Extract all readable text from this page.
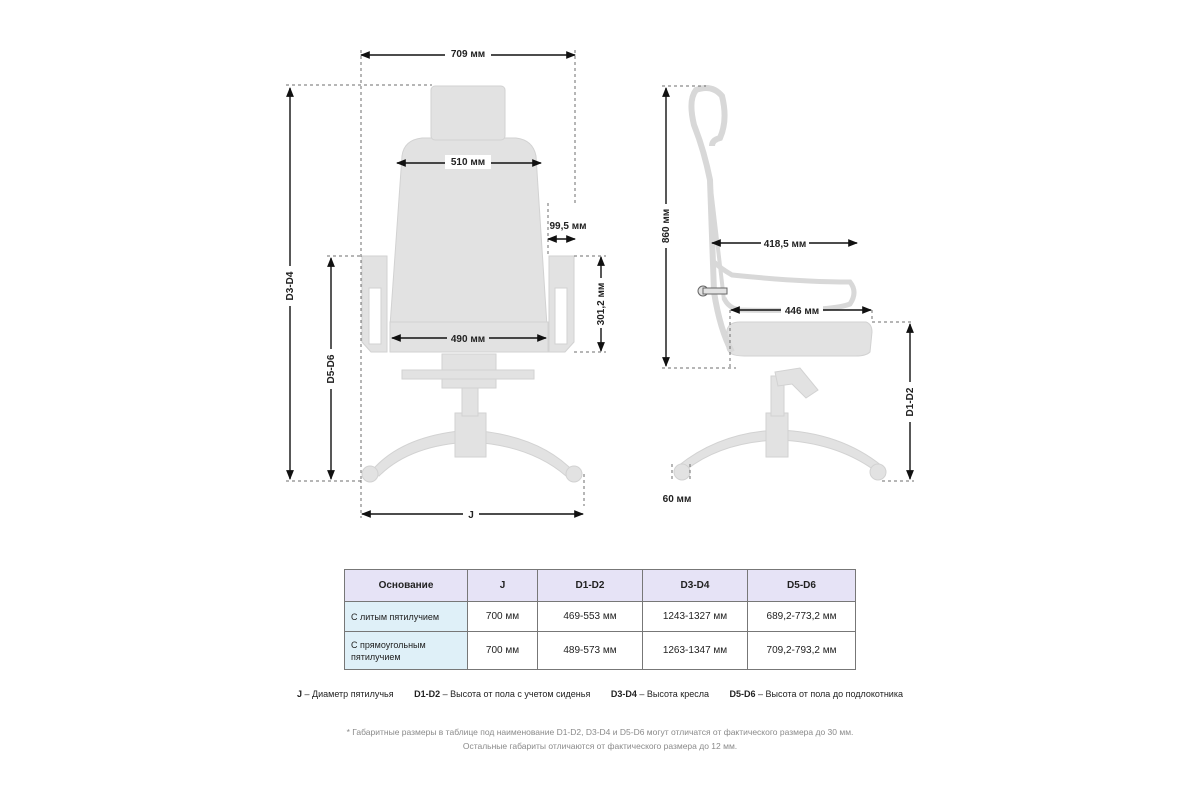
709 мм
510 мм
99,5 мм
301,2 мм
490 мм
D3-D4
D5-D6
J
860 мм
418,5 мм
446 мм
D1-D2
60 мм
Основание	J	D1-D2	D3-D4	D5-D6
С литым пятилучием	700 мм	469-553 мм	1243-1327 мм	689,2-773,2 мм
С прямоугольным пятилучием	700 мм	489-573 мм	1263-1347 мм	709,2-793,2 мм
J – Диаметр пятилучья D1-D2 – Высота от пола с учетом сиденья D3-D4 – Высота кресла D5-D6 – Высота от пола до подлокотника
* Габаритные размеры в таблице под наименование D1-D2, D3-D4 и D5-D6 могут отличатся от фактического размера до 30 мм.
Остальные габариты отличаются от фактического размера до 12 мм.
